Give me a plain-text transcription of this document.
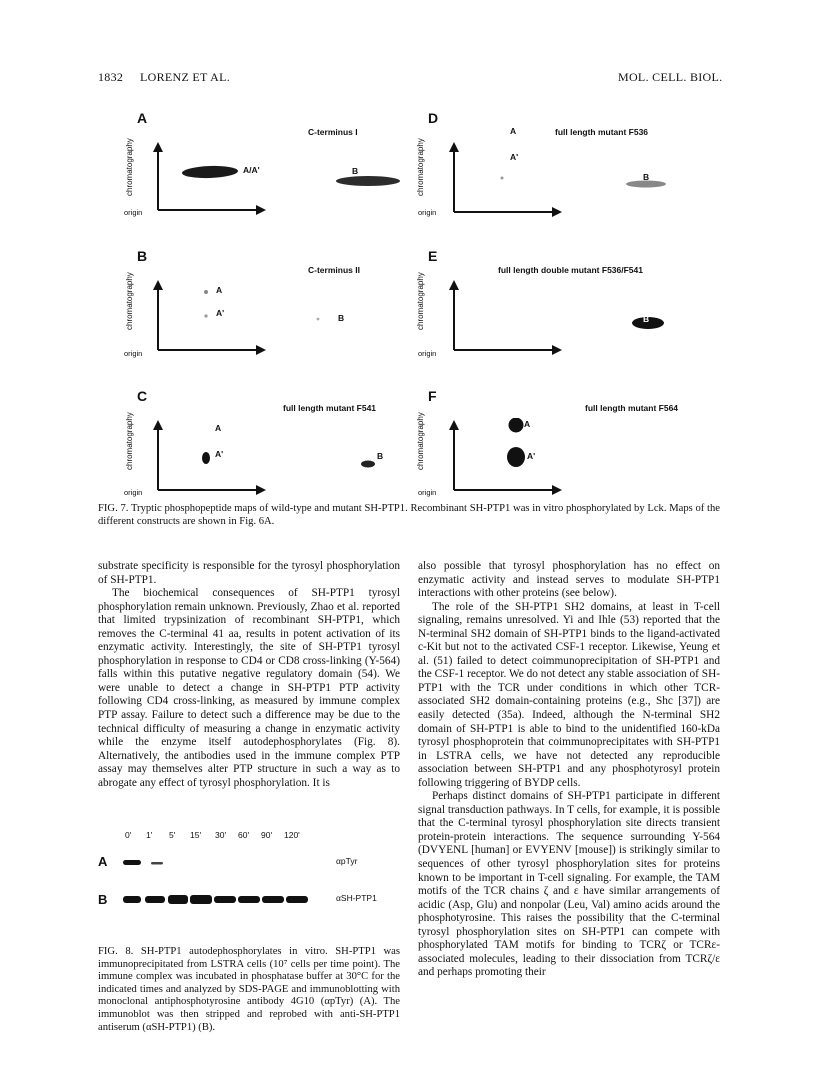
1832 LORENZ ET AL.	MOL. CELL. BIOL.
A
C-terminus I
chromatography
origin
A/A'	B
B
C-terminus II
chromatography
origin
A
A'	B
C
full length mutant F541
chromatography
origin
A
A'	B
D
full length mutant F536
chromatography
origin
A
A'
B
E
full length double mutant F536/F541
chromatography
origin
B
F
full length mutant F564
chromatography
origin
A
A'
FIG. 7. Tryptic phosphopeptide maps of wild-type and mutant SH-PTP1. Recombinant SH-PTP1 was in vitro phosphorylated by Lck. Maps of the different constructs are shown in Fig. 6A.

substrate specificity is responsible for the tyrosyl phosphorylation of SH-PTP1.

The biochemical consequences of SH-PTP1 tyrosyl phosphorylation remain unknown. Previously, Zhao et al. reported that limited trypsinization of recombinant SH-PTP1, which removes the C-terminal 41 aa, results in potent activation of its enzymatic activity. Interestingly, the site of SH-PTP1 tyrosyl phosphorylation in response to CD4 or CD8 cross-linking (Y-564) falls within this putative negative regulatory domain (54). We were unable to detect a change in SH-PTP1 PTP activity following CD4 cross-linking, as measured by immune complex PTP assay. Failure to detect such a difference may be due to the technical difficulty of measuring a change in enzymatic activity while the enzyme itself autodephosphorylates (Fig. 8). Alternatively, the antibodies used in the immune complex PTP assay may themselves alter PTP structure in such a way as to abrogate any effect of tyrosyl phosphorylation. It is

0' 1' 5' 15' 30' 60' 90' 120'
A	αpTyr
B	αSH-PTP1
FIG. 8. SH-PTP1 autodephosphorylates in vitro. SH-PTP1 was immunoprecipitated from LSTRA cells (10⁷ cells per time point). The immune complex was incubated in phosphatase buffer at 30°C for the indicated times and analyzed by SDS-PAGE and immunoblotting with monoclonal antiphosphotyrosine antibody 4G10 (αpTyr) (A). The immunoblot was then stripped and reprobed with anti-SH-PTP1 antiserum (αSH-PTP1) (B).

also possible that tyrosyl phosphorylation has no effect on enzymatic activity and instead serves to modulate SH-PTP1 interactions with other proteins (see below).

The role of the SH-PTP1 SH2 domains, at least in T-cell signaling, remains unresolved. Yi and Ihle (53) reported that the N-terminal SH2 domain of SH-PTP1 binds to the ligand-activated c-Kit but not to the activated CSF-1 receptor. Likewise, Yeung et al. (51) failed to detect coimmunoprecipitation of SH-PTP1 and the CSF-1 receptor. We do not detect any stable association of SH-PTP1 with the TCR under conditions in which other TCR-associated SH2 domain-containing proteins (e.g., Shc [37]) are easily detected (35a). Indeed, although the N-terminal SH2 domain of SH-PTP1 is able to bind to the unidentified 160-kDa tyrosyl phosphoprotein that coimmunoprecipitates with SH-PTP1 in LSTRA cells, we have not detected any reproducible association between SH-PTP1 and any phosphotyrosyl protein following triggering of BYDP cells.

Perhaps distinct domains of SH-PTP1 participate in different signal transduction pathways. In T cells, for example, it is possible that the C-terminal tyrosyl phosphorylation site directs transient protein-protein interactions. The sequence surrounding Y-564 (DVYENL [human] or EVYENV [mouse]) is strikingly similar to sequences of other tyrosyl phosphorylation sites for proteins known to be important in T-cell signaling. For example, the TAM motifs of the TCR chains ζ and ε have similar arrangements of acidic (Asp, Glu) and nonpolar (Leu, Val) amino acids around the phosphotyrosine. This raises the possibility that the C-terminal tyrosyl phosphorylation sites on SH-PTP1 can compete with phosphorylated TAM motifs for binding to TCRζ or TCRε-associated molecules, leading to their dissociation from TCRζ/ε and perhaps promoting their
